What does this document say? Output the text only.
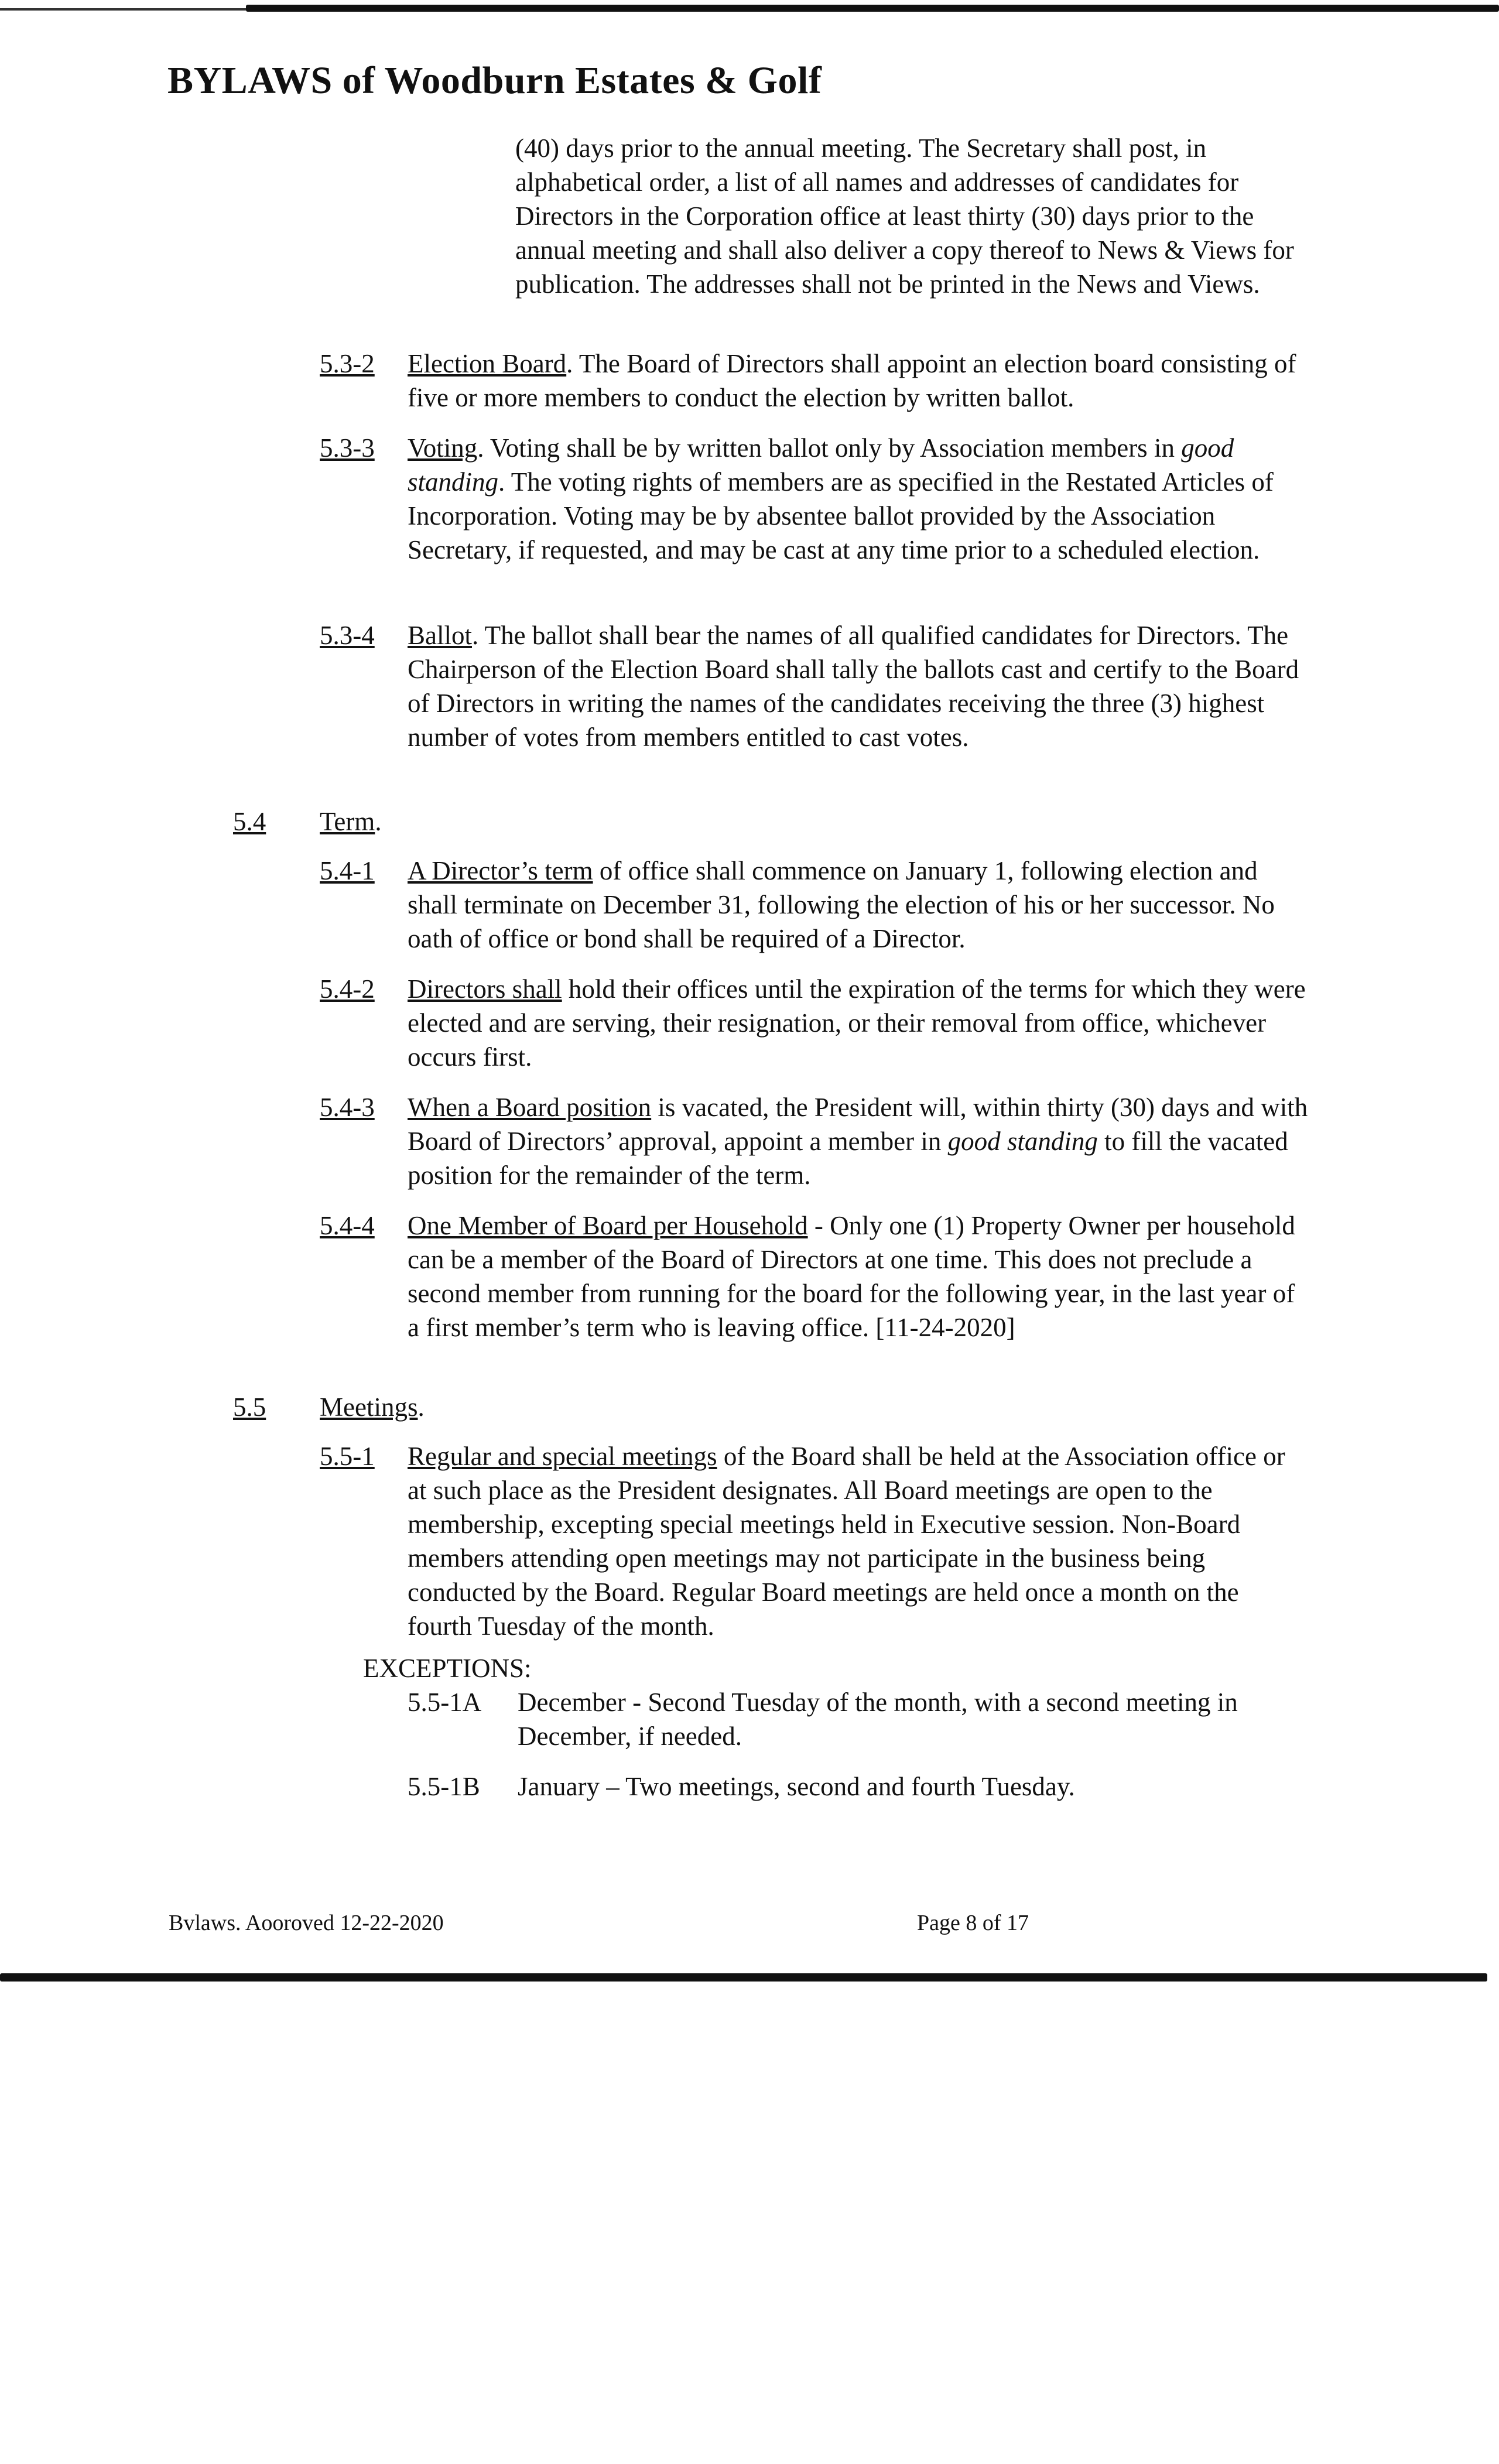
BYLAWS of Woodburn Estates & Golf
(40) days prior to the annual meeting. The Secretary shall post, in alphabetical order, a list of all names and addresses of candidates for Directors in the Corporation office at least thirty (30) days prior to the annual meeting and shall also deliver a copy thereof to News & Views for publication. The addresses shall not be printed in the News and Views.
5.3-2 Election Board. The Board of Directors shall appoint an election board consisting of five or more members to conduct the election by written ballot.
5.3-3 Voting. Voting shall be by written ballot only by Association members in good standing. The voting rights of members are as specified in the Restated Articles of Incorporation. Voting may be by absentee ballot provided by the Association Secretary, if requested, and may be cast at any time prior to a scheduled election.
5.3-4 Ballot. The ballot shall bear the names of all qualified candidates for Directors. The Chairperson of the Election Board shall tally the ballots cast and certify to the Board of Directors in writing the names of the candidates receiving the three (3) highest number of votes from members entitled to cast votes.
5.4 Term.
5.4-1 A Director’s term of office shall commence on January 1, following election and shall terminate on December 31, following the election of his or her successor. No oath of office or bond shall be required of a Director.
5.4-2 Directors shall hold their offices until the expiration of the terms for which they were elected and are serving, their resignation, or their removal from office, whichever occurs first.
5.4-3 When a Board position is vacated, the President will, within thirty (30) days and with Board of Directors’ approval, appoint a member in good standing to fill the vacated position for the remainder of the term.
5.4-4 One Member of Board per Household - Only one (1) Property Owner per household can be a member of the Board of Directors at one time. This does not preclude a second member from running for the board for the following year, in the last year of a first member’s term who is leaving office. [11-24-2020]
5.5 Meetings.
5.5-1 Regular and special meetings of the Board shall be held at the Association office or at such place as the President designates. All Board meetings are open to the membership, excepting special meetings held in Executive session. Non-Board members attending open meetings may not participate in the business being conducted by the Board. Regular Board meetings are held once a month on the fourth Tuesday of the month.
EXCEPTIONS:
5.5-1A December - Second Tuesday of the month, with a second meeting in December, if needed.
5.5-1B January – Two meetings, second and fourth Tuesday.
Bvlaws. Aooroved 12-22-2020	Page 8 of 17
